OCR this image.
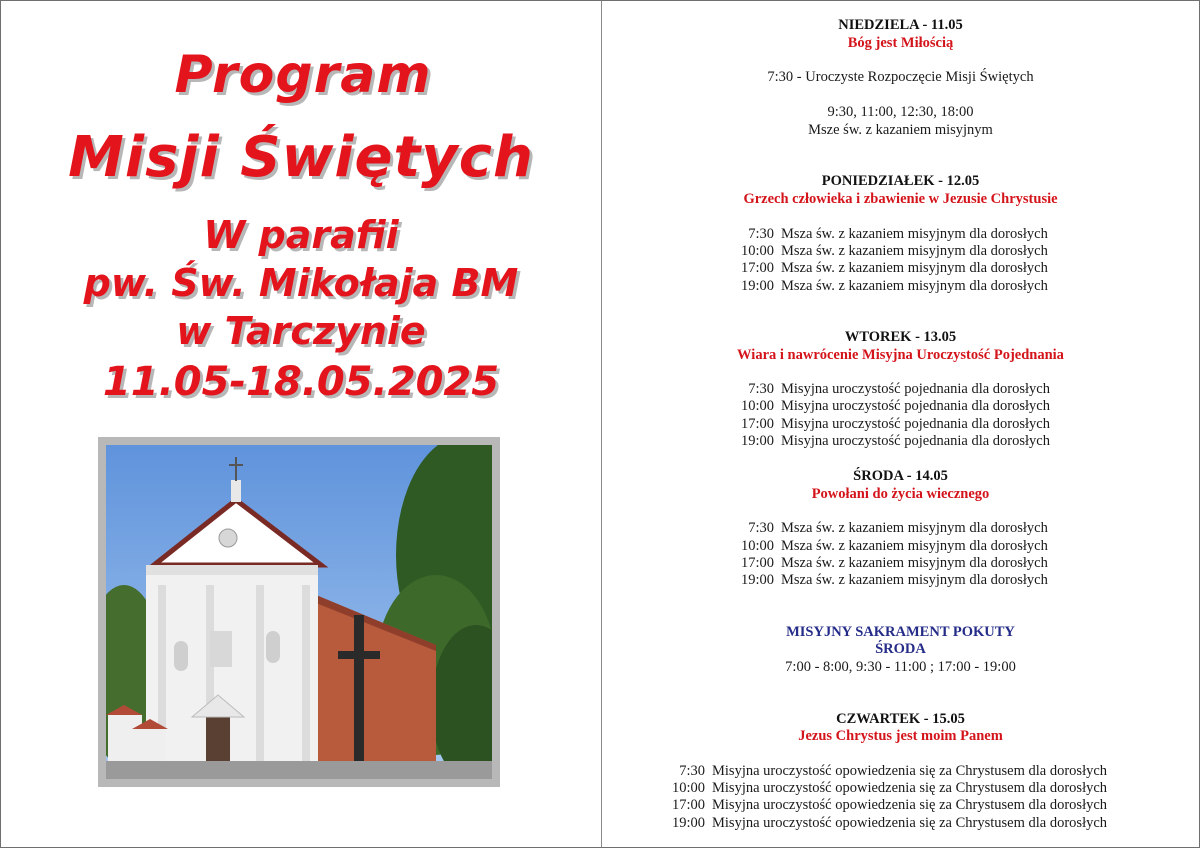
Program
Misji Świętych
W parafii
pw. Św. Mikołaja BM
w Tarczynie
11.05-18.05.2025
NIEDZIELA - 11.05
Bóg jest Miłością
7:30 - Uroczyste Rozpoczęcie Misji Świętych
9:30, 11:00, 12:30, 18:00
Msze św. z kazaniem misyjnym
PONIEDZIAŁEK - 12.05
Grzech człowieka i zbawienie w Jezusie Chrystusie
7:30 Msza św. z kazaniem misyjnym dla dorosłych
10:00 Msza św. z kazaniem misyjnym dla dorosłych
17:00 Msza św. z kazaniem misyjnym dla dorosłych
19:00 Msza św. z kazaniem misyjnym dla dorosłych
WTOREK - 13.05
Wiara i nawrócenie Misyjna Uroczystość Pojednania
7:30 Misyjna uroczystość pojednania dla dorosłych
10:00 Misyjna uroczystość pojednania dla dorosłych
17:00 Misyjna uroczystość pojednania dla dorosłych
19:00 Misyjna uroczystość pojednania dla dorosłych
ŚRODA - 14.05
Powołani do życia wiecznego
7:30 Msza św. z kazaniem misyjnym dla dorosłych
10:00 Msza św. z kazaniem misyjnym dla dorosłych
17:00 Msza św. z kazaniem misyjnym dla dorosłych
19:00 Msza św. z kazaniem misyjnym dla dorosłych
MISYJNY SAKRAMENT POKUTY
ŚRODA
7:00 - 8:00, 9:30 - 11:00 ; 17:00 - 19:00
CZWARTEK - 15.05
Jezus Chrystus jest moim Panem
7:30 Misyjna uroczystość opowiedzenia się za Chrystusem dla dorosłych
10:00 Misyjna uroczystość opowiedzenia się za Chrystusem dla dorosłych
17:00 Misyjna uroczystość opowiedzenia się za Chrystusem dla dorosłych
19:00 Misyjna uroczystość opowiedzenia się za Chrystusem dla dorosłych
